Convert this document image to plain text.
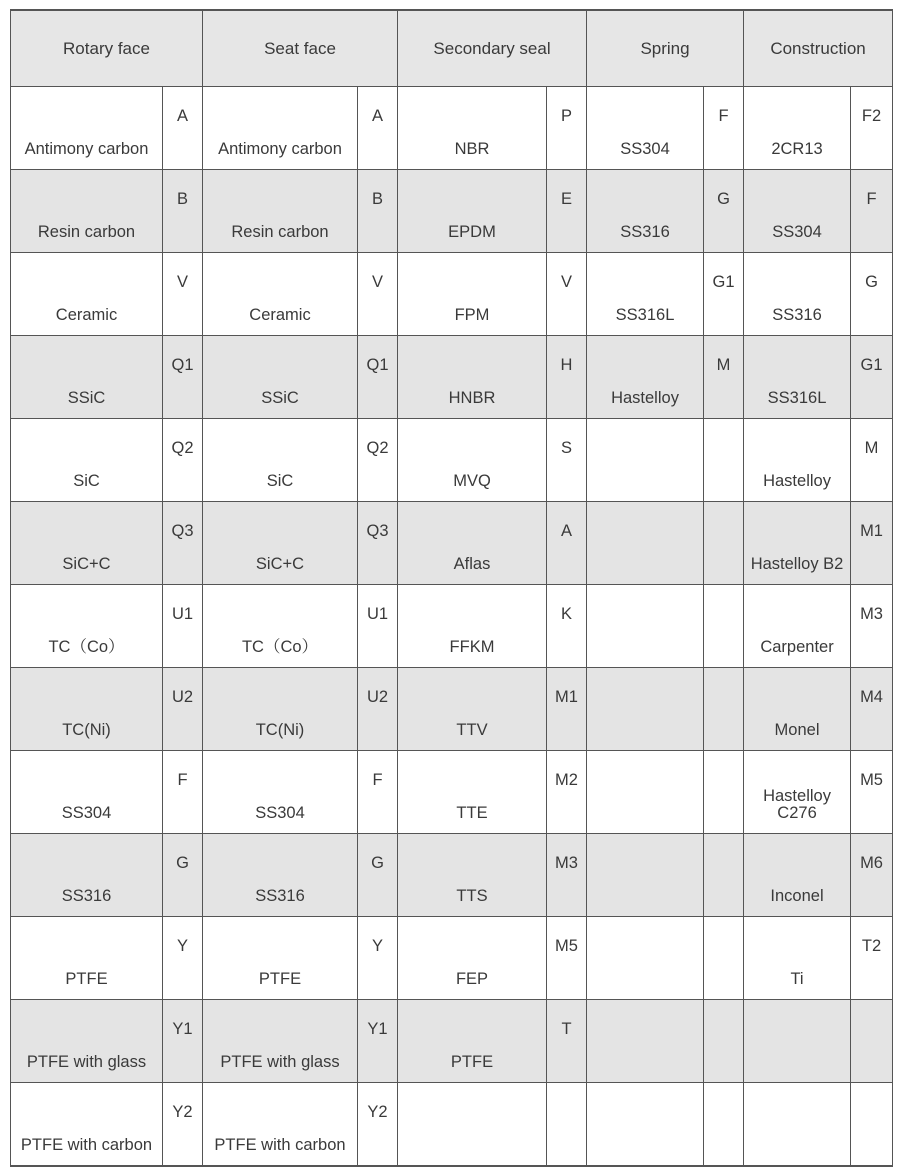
Rotary face		Seat face		Secondary seal		Spring		Construction	
Antimony carbon	A	Antimony carbon	A	NBR	P	SS304	F	2CR13	F2
Resin carbon	B	Resin carbon	B	EPDM	E	SS316	G	SS304	F
Ceramic	V	Ceramic	V	FPM	V	SS316L	G1	SS316	G
SSiC	Q1	SSiC	Q1	HNBR	H	Hastelloy	M	SS316L	G1
SiC	Q2	SiC	Q2	MVQ	S			Hastelloy	M
SiC+C	Q3	SiC+C	Q3	Aflas	A			Hastelloy B2	M1
TC（Co）	U1	TC（Co）	U1	FFKM	K			Carpenter	M3
TC(Ni)	U2	TC(Ni)	U2	TTV	M1			Monel	M4
SS304	F	SS304	F	TTE	M2			Hastelloy C276	M5
SS316	G	SS316	G	TTS	M3			Inconel	M6
PTFE	Y	PTFE	Y	FEP	M5			Ti	T2
PTFE with glass	Y1	PTFE with glass	Y1	PTFE	T				
PTFE with carbon	Y2	PTFE with carbon	Y2						
